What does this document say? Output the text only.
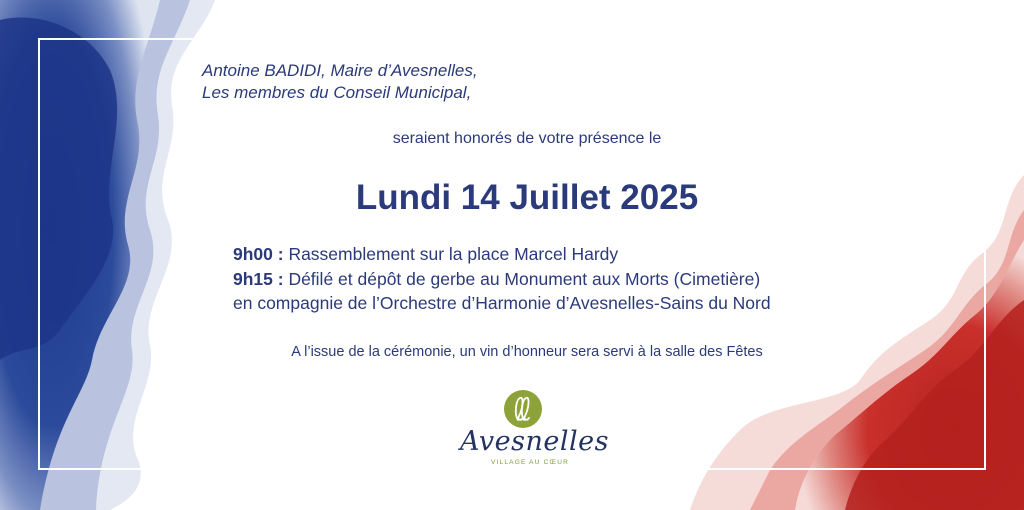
Antoine BADIDI, Maire d’Avesnelles,
Les membres du Conseil Municipal,
seraient honorés de votre présence le
Lundi 14 Juillet 2025
9h00 : Rassemblement sur la place Marcel Hardy
9h15 : Défilé et dépôt de gerbe au Monument aux Morts (Cimetière)
en compagnie de l’Orchestre d’Harmonie d’Avesnelles-Sains du Nord
A l’issue de la cérémonie, un vin d’honneur sera servi à la salle des Fêtes
Avesnelles
VILLAGE AU CŒUR
